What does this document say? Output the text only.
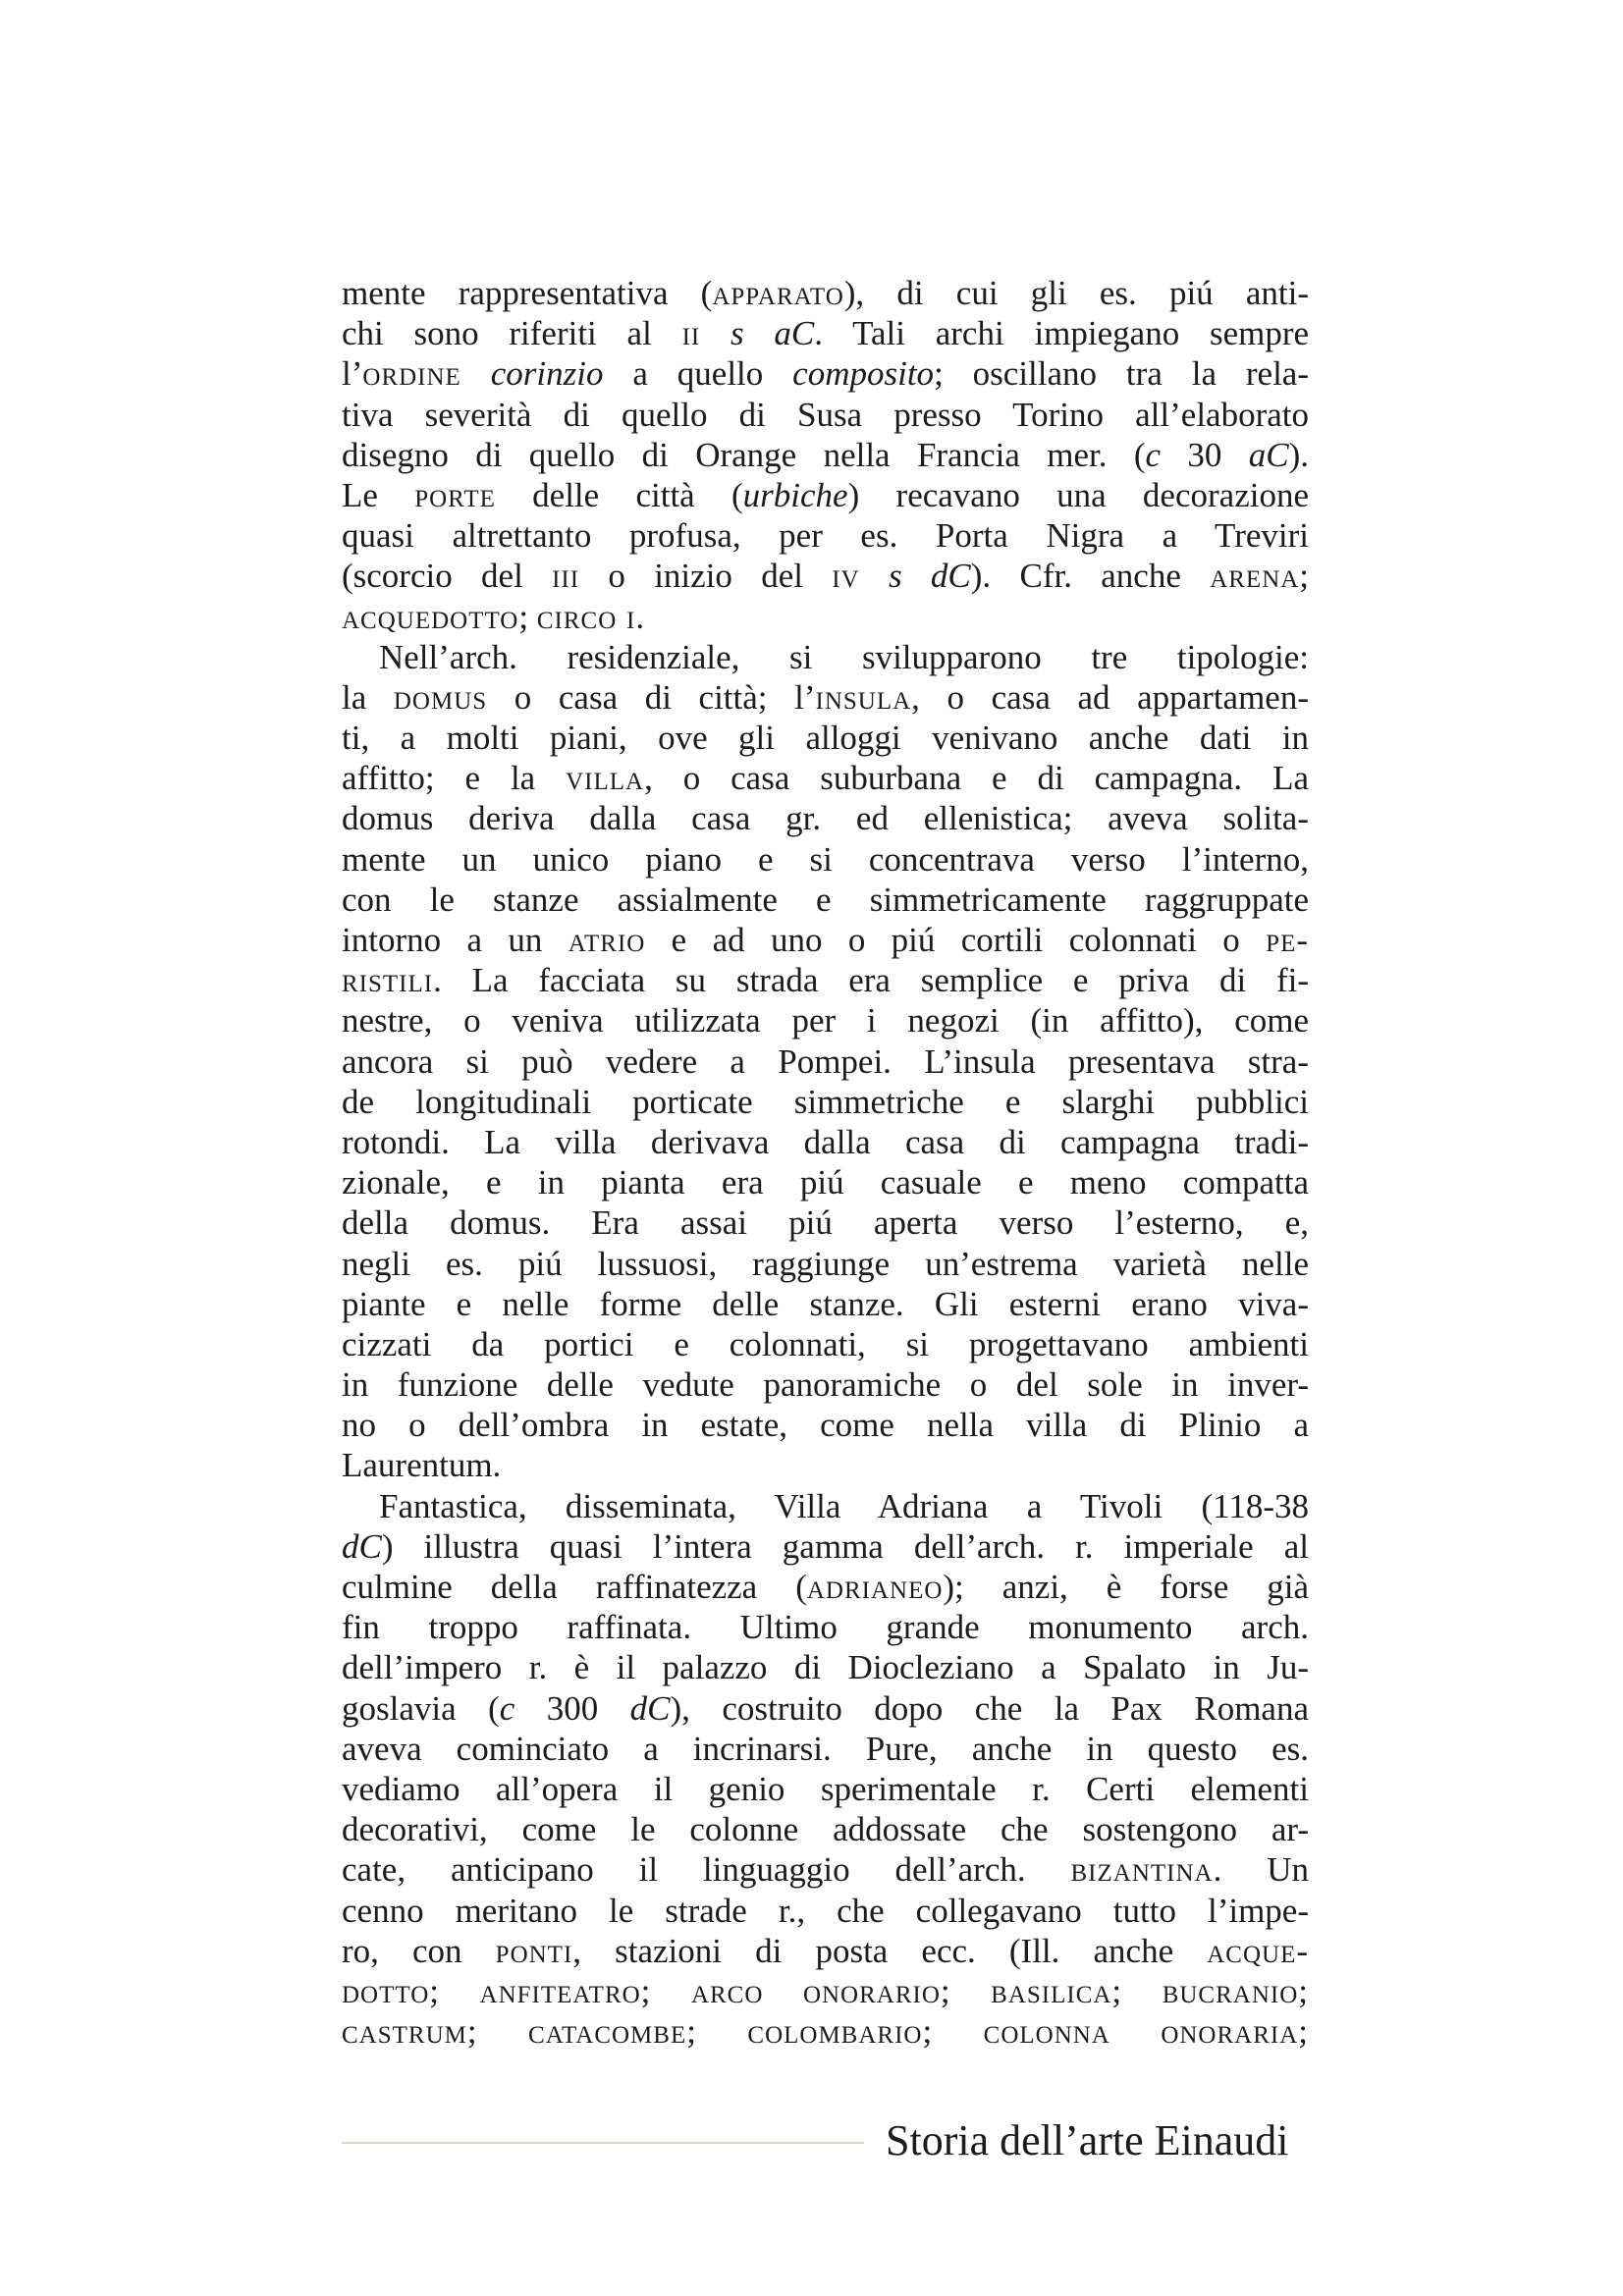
mente rappresentativa (apparato), di cui gli es. piú anti-
chi sono riferiti al ii s aC. Tali archi impiegano sempre
l’ordine corinzio a quello composito; oscillano tra la rela-
tiva severità di quello di Susa presso Torino all’elaborato
disegno di quello di Orange nella Francia mer. (c 30 aC).
Le porte delle città (urbiche) recavano una decorazione
quasi altrettanto profusa, per es. Porta Nigra a Treviri
(scorcio del iii o inizio del iv s dC). Cfr. anche arena;
acquedotto; circo i.
Nell’arch. residenziale, si svilupparono tre tipologie:
la domus o casa di città; l’insula, o casa ad appartamen-
ti, a molti piani, ove gli alloggi venivano anche dati in
affitto; e la villa, o casa suburbana e di campagna. La
domus deriva dalla casa gr. ed ellenistica; aveva solita-
mente un unico piano e si concentrava verso l’interno,
con le stanze assialmente e simmetricamente raggruppate
intorno a un atrio e ad uno o piú cortili colonnati o pe-
ristili. La facciata su strada era semplice e priva di fi-
nestre, o veniva utilizzata per i negozi (in affitto), come
ancora si può vedere a Pompei. L’insula presentava stra-
de longitudinali porticate simmetriche e slarghi pubblici
rotondi. La villa derivava dalla casa di campagna tradi-
zionale, e in pianta era piú casuale e meno compatta
della domus. Era assai piú aperta verso l’esterno, e,
negli es. piú lussuosi, raggiunge un’estrema varietà nelle
piante e nelle forme delle stanze. Gli esterni erano viva-
cizzati da portici e colonnati, si progettavano ambienti
in funzione delle vedute panoramiche o del sole in inver-
no o dell’ombra in estate, come nella villa di Plinio a
Laurentum.
Fantastica, disseminata, Villa Adriana a Tivoli (118-38
dC) illustra quasi l’intera gamma dell’arch. r. imperiale al
culmine della raffinatezza (adrianeo); anzi, è forse già
fin troppo raffinata. Ultimo grande monumento arch.
dell’impero r. è il palazzo di Diocleziano a Spalato in Ju-
goslavia (c 300 dC), costruito dopo che la Pax Romana
aveva cominciato a incrinarsi. Pure, anche in questo es.
vediamo all’opera il genio sperimentale r. Certi elementi
decorativi, come le colonne addossate che sostengono ar-
cate, anticipano il linguaggio dell’arch. bizantina. Un
cenno meritano le strade r., che collegavano tutto l’impe-
ro, con ponti, stazioni di posta ecc. (Ill. anche acque-
dotto; anfiteatro; arco onorario; basilica; bucranio;
castrum; catacombe; colombario; colonna onoraria;
Storia dell’arte Einaudi
